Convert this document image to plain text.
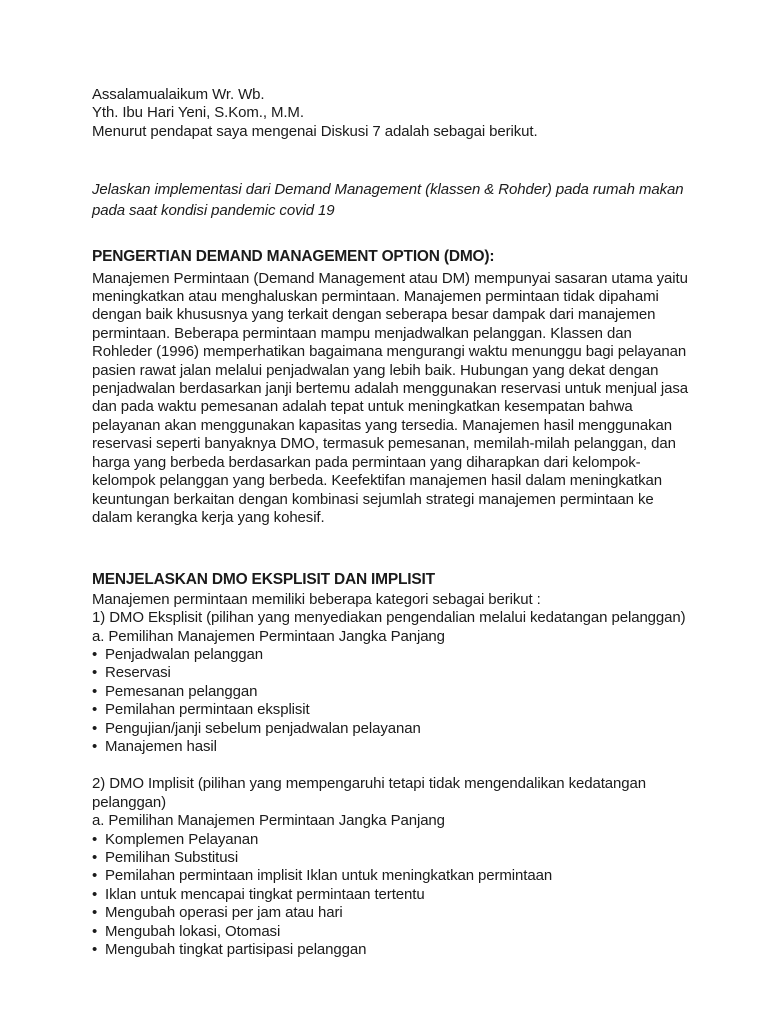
Assalamualaikum Wr. Wb.
Yth. Ibu Hari Yeni, S.Kom., M.M.
Menurut pendapat saya mengenai Diskusi 7 adalah sebagai berikut.
Jelaskan implementasi dari Demand Management (klassen & Rohder) pada rumah makan pada saat kondisi pandemic covid 19
PENGERTIAN DEMAND MANAGEMENT OPTION (DMO):
Manajemen Permintaan (Demand Management atau DM) mempunyai sasaran utama yaitu meningkatkan atau menghaluskan permintaan. Manajemen permintaan tidak dipahami dengan baik khususnya yang terkait dengan seberapa besar dampak dari manajemen permintaan. Beberapa permintaan mampu menjadwalkan pelanggan. Klassen dan Rohleder (1996) memperhatikan bagaimana mengurangi waktu menunggu bagi pelayanan pasien rawat jalan melalui penjadwalan yang lebih baik. Hubungan yang dekat dengan penjadwalan berdasarkan janji bertemu adalah menggunakan reservasi untuk menjual jasa dan pada waktu pemesanan adalah tepat untuk meningkatkan kesempatan bahwa pelayanan akan menggunakan kapasitas yang tersedia. Manajemen hasil menggunakan reservasi seperti banyaknya DMO, termasuk pemesanan, memilah-milah pelanggan, dan harga yang berbeda berdasarkan pada permintaan yang diharapkan dari kelompok- kelompok pelanggan yang berbeda. Keefektifan manajemen hasil dalam meningkatkan keuntungan berkaitan dengan kombinasi sejumlah strategi manajemen permintaan ke dalam kerangka kerja yang kohesif.
MENJELASKAN DMO EKSPLISIT DAN IMPLISIT
Manajemen permintaan memiliki beberapa kategori sebagai berikut :
1) DMO Eksplisit (pilihan yang menyediakan pengendalian melalui kedatangan pelanggan)
a. Pemilihan Manajemen Permintaan Jangka Panjang
• Penjadwalan pelanggan
• Reservasi
• Pemesanan pelanggan
• Pemilahan permintaan eksplisit
• Pengujian/janji sebelum penjadwalan pelayanan
• Manajemen hasil
2) DMO Implisit (pilihan yang mempengaruhi tetapi tidak mengendalikan kedatangan pelanggan)
a. Pemilihan Manajemen Permintaan Jangka Panjang
• Komplemen Pelayanan
• Pemilihan Substitusi
• Pemilahan permintaan implisit Iklan untuk meningkatkan permintaan
• Iklan untuk mencapai tingkat permintaan tertentu
• Mengubah operasi per jam atau hari
• Mengubah lokasi, Otomasi
• Mengubah tingkat partisipasi pelanggan
